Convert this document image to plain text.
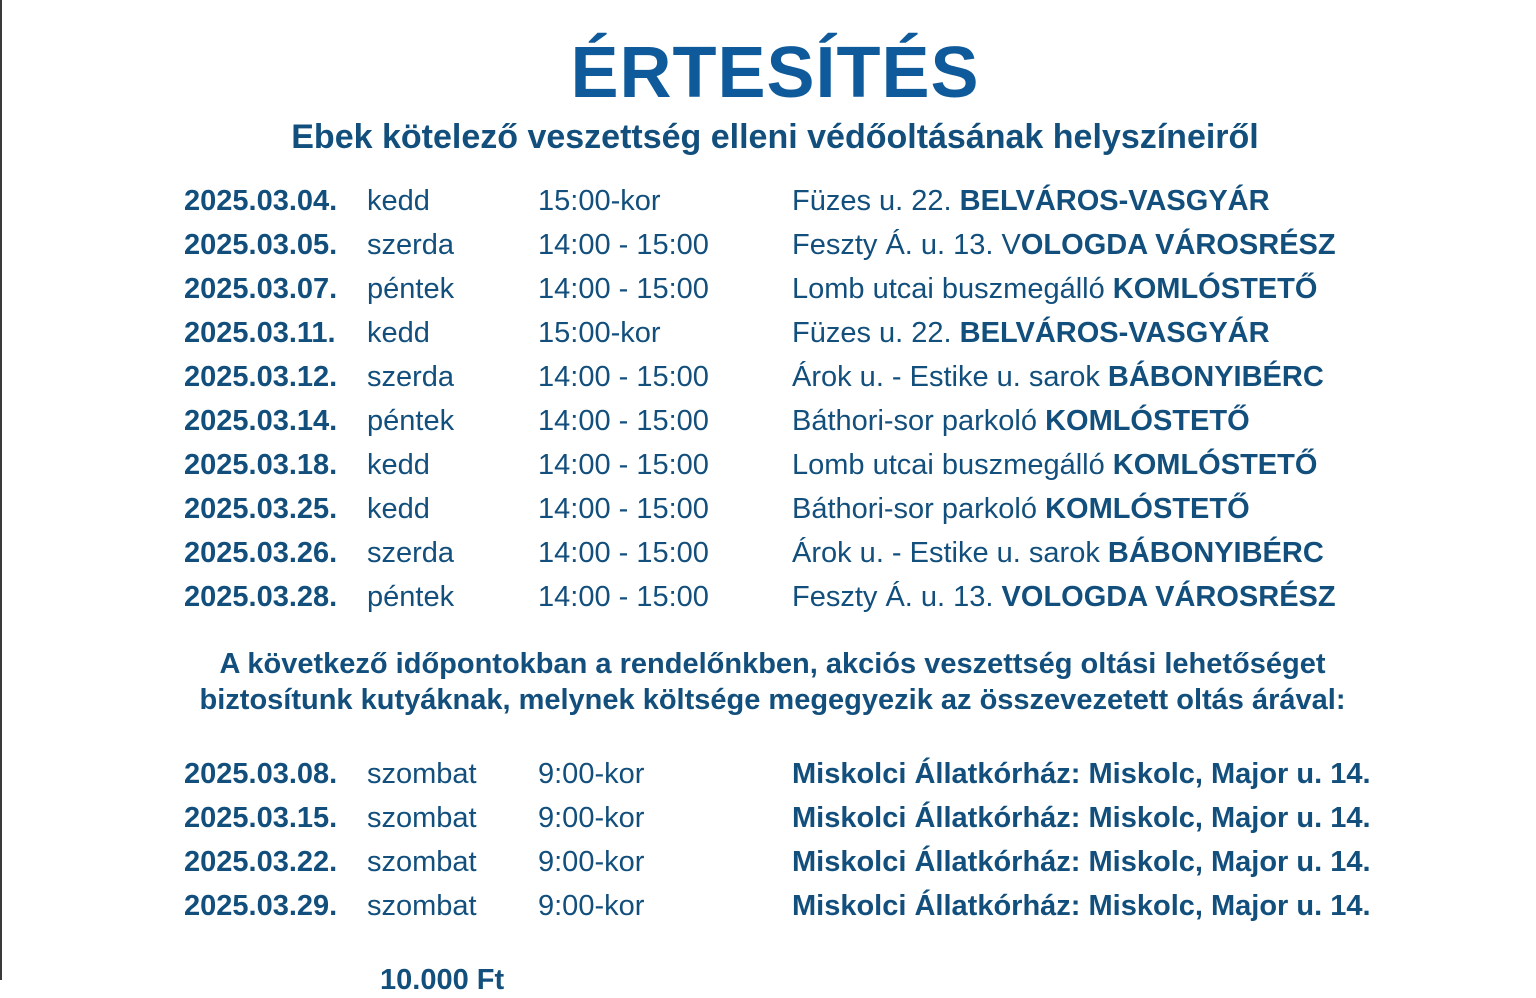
ÉRTESÍTÉS
Ebek kötelező veszettség elleni védőoltásának helyszíneiről
2025.03.04. kedd	15:00-kor	Füzes u. 22. BELVÁROS-VASGYÁR
2025.03.05. szerda	14:00 - 15:00	Feszty Á. u. 13. VOLOGDA VÁROSRÉSZ
2025.03.07. péntek	14:00 - 15:00	Lomb utcai buszmegálló KOMLÓSTETŐ
2025.03.11. kedd	15:00-kor	Füzes u. 22. BELVÁROS-VASGYÁR
2025.03.12. szerda	14:00 - 15:00	Árok u. - Estike u. sarok BÁBONYIBÉRC
2025.03.14. péntek	14:00 - 15:00	Báthori-sor parkoló KOMLÓSTETŐ
2025.03.18. kedd	14:00 - 15:00	Lomb utcai buszmegálló KOMLÓSTETŐ
2025.03.25. kedd	14:00 - 15:00	Báthori-sor parkoló KOMLÓSTETŐ
2025.03.26. szerda	14:00 - 15:00	Árok u. - Estike u. sarok BÁBONYIBÉRC
2025.03.28. péntek	14:00 - 15:00	Feszty Á. u. 13. VOLOGDA VÁROSRÉSZ
A következő időpontokban a rendelőnkben, akciós veszettség oltási lehetőséget
biztosítunk kutyáknak, melynek költsége megegyezik az összevezetett oltás árával:
2025.03.08. szombat 9:00-kor	Miskolci Állatkórház: Miskolc, Major u. 14.
2025.03.15. szombat 9:00-kor	Miskolci Állatkórház: Miskolc, Major u. 14.
2025.03.22. szombat 9:00-kor	Miskolci Állatkórház: Miskolc, Major u. 14.
2025.03.29. szombat 9:00-kor	Miskolci Állatkórház: Miskolc, Major u. 14.
10.000 Ft
